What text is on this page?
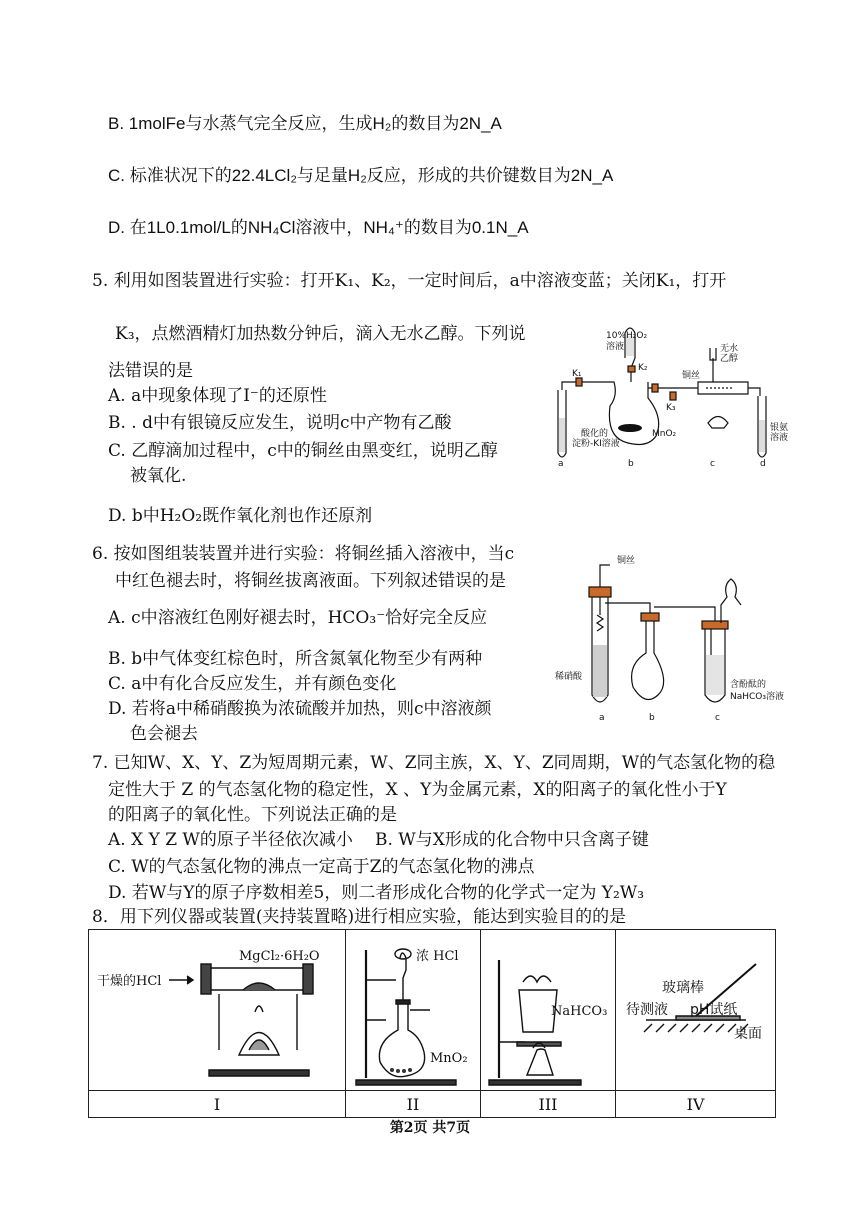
B. 1molFe与水蒸气完全反应，生成H₂的数目为2N_A
C. 标准状况下的22.4LCl₂与足量H₂反应，形成的共价键数目为2N_A
D. 在1L0.1mol/L的NH₄Cl溶液中，NH₄⁺的数目为0.1N_A
5. 利用如图装置进行实验：打开K₁、K₂，一定时间后，a中溶液变蓝；关闭K₁，打开
K₃，点燃酒精灯加热数分钟后，滴入无水乙醇。下列说
法错误的是
A. a中现象体现了I⁻的还原性
B. . d中有银镜反应发生，说明c中产物有乙酸
C. 乙醇滴加过程中，c中的铜丝由黑变红，说明乙醇
被氧化.
D. b中H₂O₂既作氧化剂也作还原剂
10%H₂O₂
溶液
K₁
K₂
K₃
铜丝
无水
乙醇
酸化的
淀粉-KI溶液
MnO₂
银氨
溶液
a	b	c	d
6. 按如图组装装置并进行实验：将铜丝插入溶液中，当c
中红色褪去时，将铜丝拔离液面。下列叙述错误的是
A. c中溶液红色刚好褪去时，HCO₃⁻恰好完全反应
B. b中气体变红棕色时，所含氮氧化物至少有两种
C. a中有化合反应发生，并有颜色变化
D. 若将a中稀硝酸换为浓硫酸并加热，则c中溶液颜
色会褪去
铜丝
稀硝酸
含酚酞的
NaHCO₃溶液
a	b	c
7. 已知W、X、Y、Z为短周期元素，W、Z同主族，X、Y、Z同周期，W的气态氢化物的稳
定性大于 Z 的气态氢化物的稳定性，X 、Y为金属元素，X的阳离子的氧化性小于Y
的阳离子的氧化性。下列说法正确的是
A. X Y Z W的原子半径依次减小 B. W与X形成的化合物中只含离子键
C. W的气态氢化物的沸点一定高于Z的气态氢化物的沸点
D. 若W与Y的原子序数相差5，则二者形成化合物的化学式一定为 Y₂W₃
8．用下列仪器或装置(夹持装置略)进行相应实验，能达到实验目的的是
干燥的HCl
MgCl₂·6H₂O	浓 HCl
MnO₂	NaHCO₃	玻璃棒
待测液 pH试纸
桌面

I	II	III	IV
第2页 共7页
